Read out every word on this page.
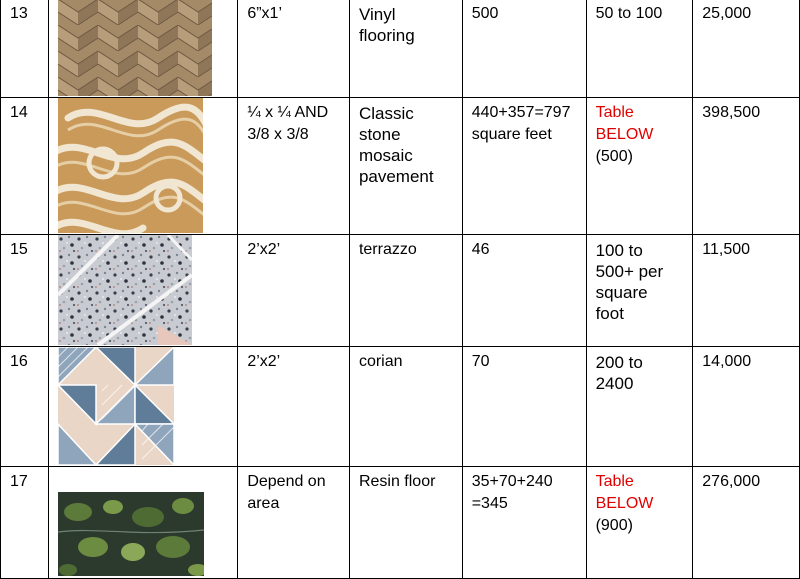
13		6”x1’	Vinyl
flooring	500	50 to 100	25,000

14		¼ x ¼ AND
3/8 x 3/8	Classic
stone
mosaic
pavement	440+357=797
square feet	Table
BELOW
(500)	398,500

15		2’x2’	terrazzo	46	100 to
500+ per
square
foot	11,500

16		2’x2’	corian	70	200 to
2400	14,000

17		Depend on
area	Resin floor	35+70+240
=345	Table
BELOW
(900)	276,000
